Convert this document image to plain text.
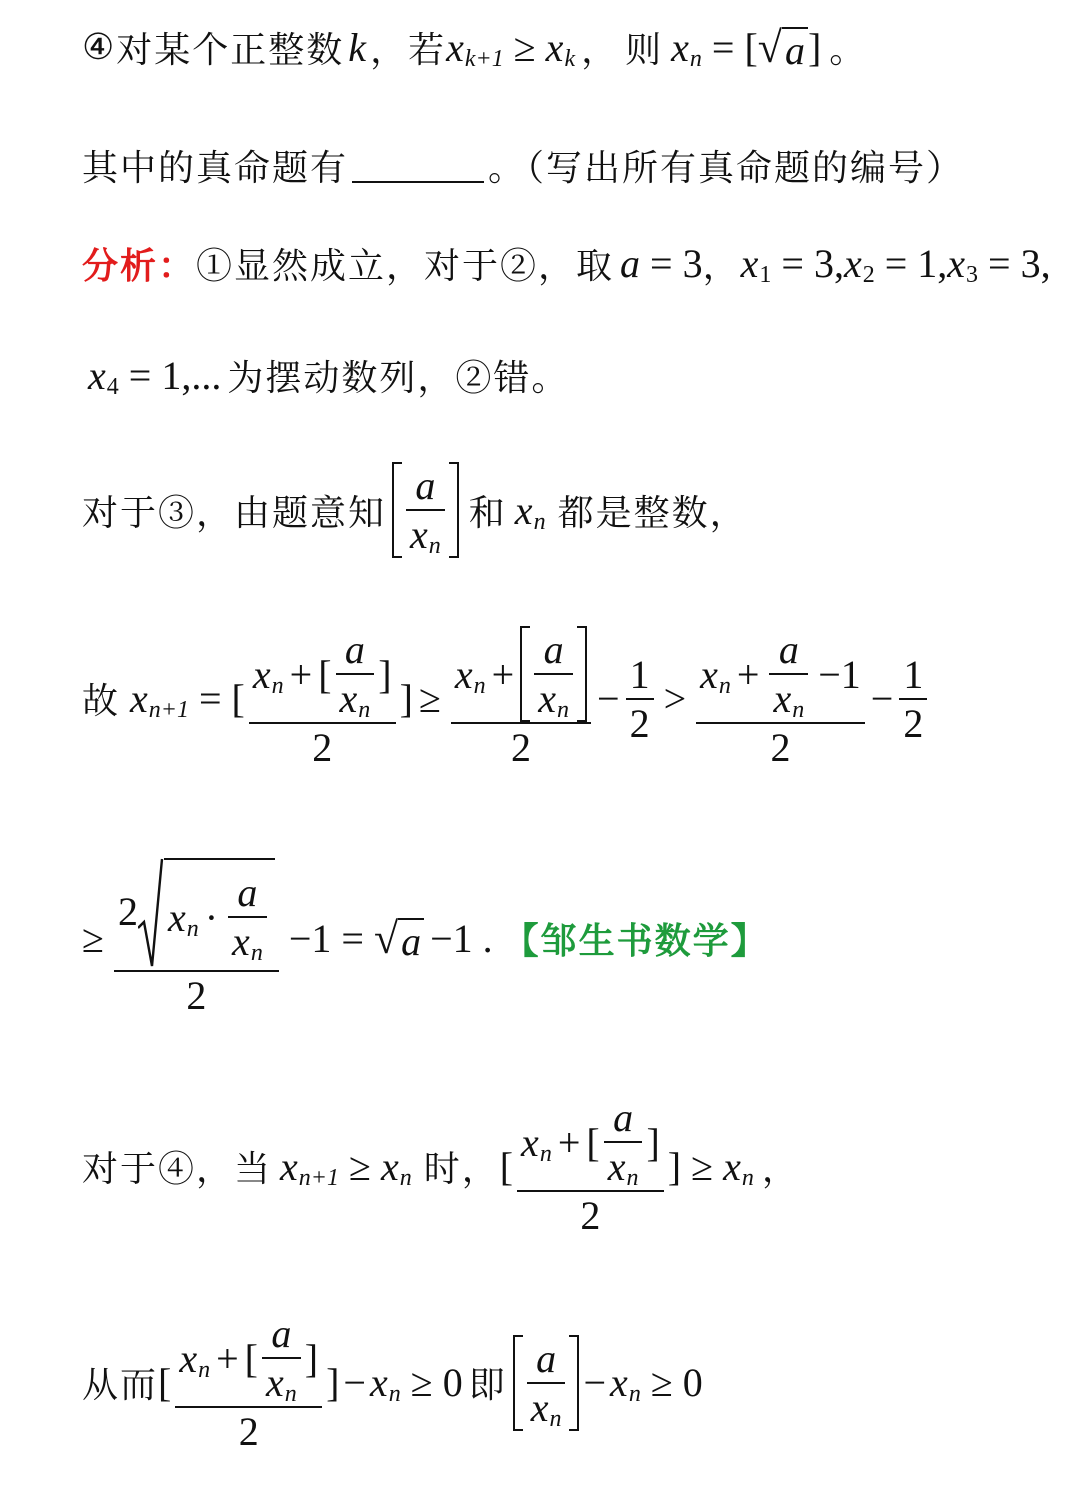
④ 对某个正整数 k ， 若 x k+1 ≥ x k ， 则 x n = [ √ a ] 。
其中的真命题有	。（写出所有真命题的编号）
分析： ①显然成立，对于②，取 a = 3 ， x 1 = 3, x 2 = 1, x 3 = 3,
x 4 = 1,... 为摆动数列，②错。
对于③，由题意知 $\frac{a}{\text{x n}}$ 和 x n 都是整数，
故 x n+1 = [
x n + [ $\frac{a}{\text{x n}}$ ]
2
] ≥
x $n + \frac{a}{\text{x n}}$
2
− $\frac{1}{2}$ >
x $n + \frac{a}{\text{x n}} -1$
2
− $\frac{1}{2}$
≥
2 x $n \cdot \frac{a}{\text{x n}}$
2
−1 = √ a −1 . 【邹生书数学】
对于④，当 x n+1 ≥ x n 时， [
x n + [ $\frac{a}{\text{x n}}$ ]
2
] ≥ x n ，
从而 [
x n + [ $\frac{a}{\text{x n}}$ ]
2
] − x n ≥ 0 即 $\frac{a}{\text{x n}} - x$ n ≥ 0
